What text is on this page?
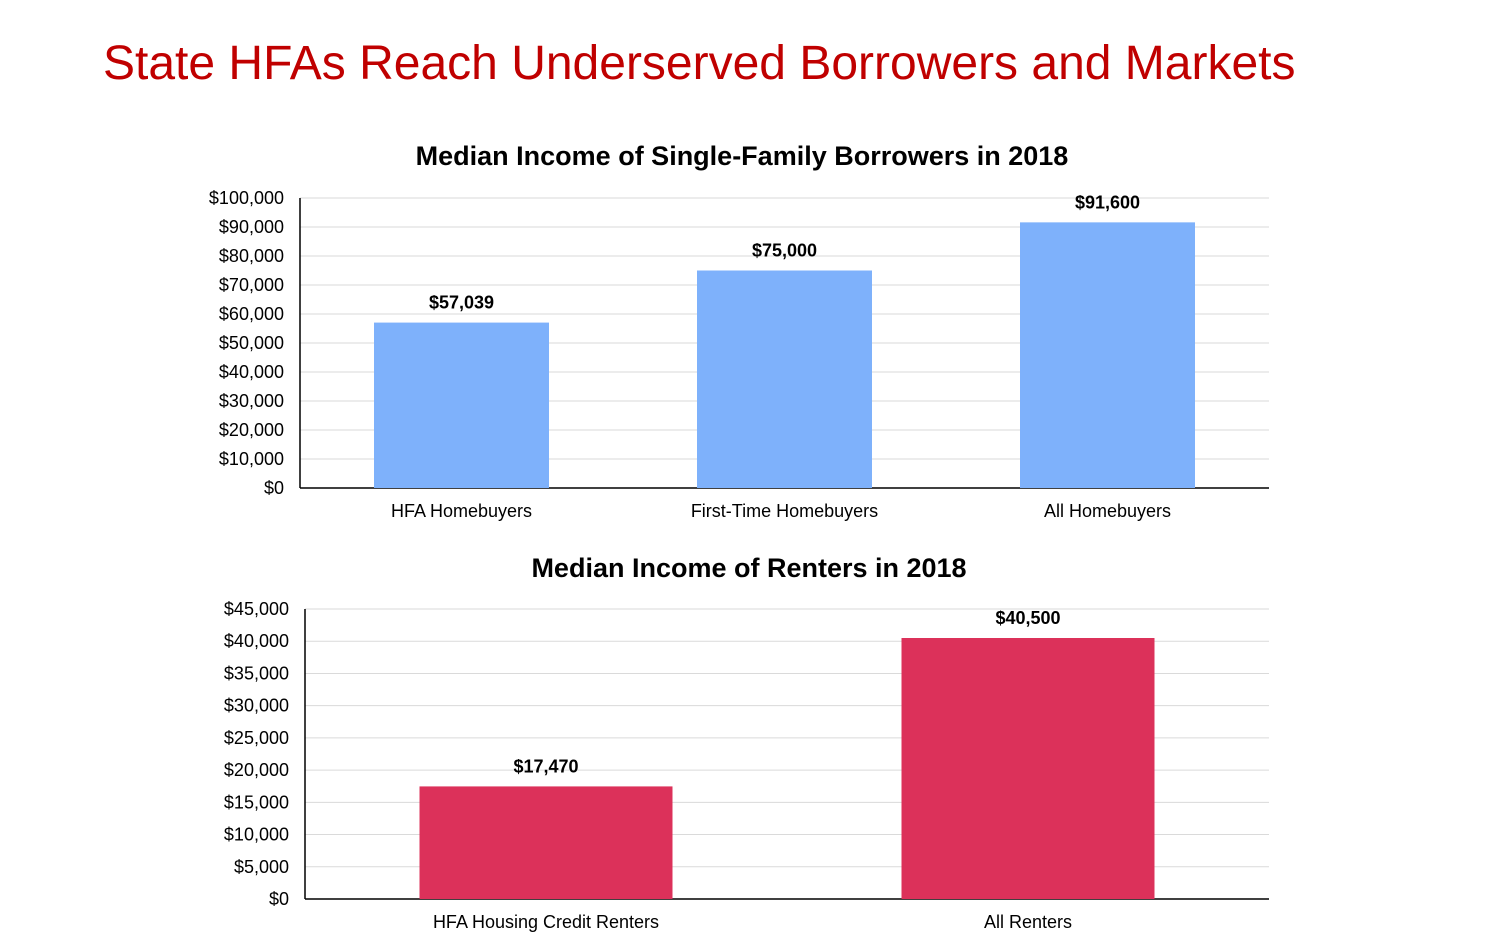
State HFAs Reach Underserved Borrowers and Markets
Median Income of Single-Family Borrowers in 2018
$0
$10,000
$20,000
$30,000
$40,000
$50,000
$60,000
$70,000
$80,000
$90,000
$100,000
$57,039
HFA Homebuyers
$75,000
First-Time Homebuyers
$91,600
All Homebuyers
Median Income of Renters in 2018
$0
$5,000
$10,000
$15,000
$20,000
$25,000
$30,000
$35,000
$40,000
$45,000
$17,470
HFA Housing Credit Renters
$40,500
All Renters
